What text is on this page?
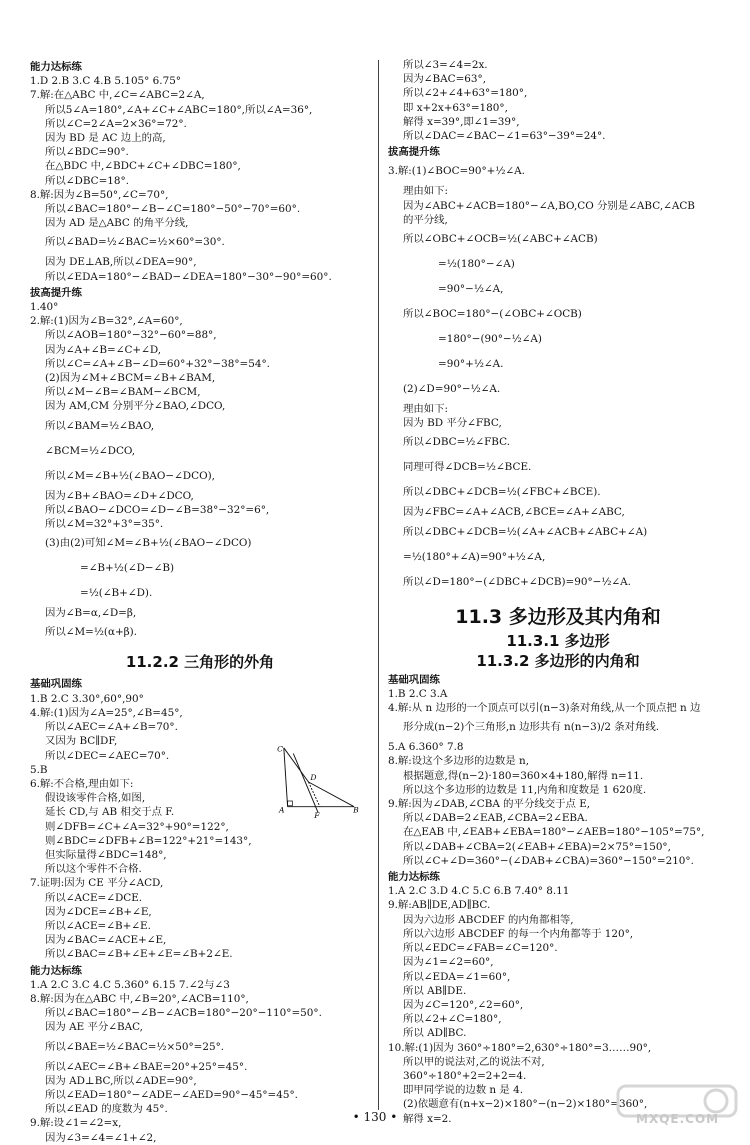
能力达标练
1.D 2.B 3.C 4.B 5.105° 6.75°
7.解:在△ABC 中,∠C=∠ABC=2∠A,
所以5∠A=180°,∠A+∠C+∠ABC=180°,所以∠A=36°,
所以∠C=2∠A=2×36°=72°.
因为 BD 是 AC 边上的高,
所以∠BDC=90°.
在△BDC 中,∠BDC+∠C+∠DBC=180°,
所以∠DBC=18°.
8.解:因为∠B=50°,∠C=70°,
所以∠BAC=180°−∠B−∠C=180°−50°−70°=60°.
因为 AD 是△ABC 的角平分线,
所以∠BAD=½∠BAC=½×60°=30°.
因为 DE⊥AB,所以∠DEA=90°,
所以∠EDA=180°−∠BAD−∠DEA=180°−30°−90°=60°.
拔高提升练
1.40°
2.解:(1)因为∠B=32°,∠A=60°,
所以∠AOB=180°−32°−60°=88°,
因为∠A+∠B=∠C+∠D,
所以∠C=∠A+∠B−∠D=60°+32°−38°=54°.
(2)因为∠M+∠BCM=∠B+∠BAM,
所以∠M−∠B=∠BAM−∠BCM,
因为 AM,CM 分别平分∠BAO,∠DCO,
所以∠BAM=½∠BAO,
∠BCM=½∠DCO,
所以∠M=∠B+½(∠BAO−∠DCO),
因为∠B+∠BAO=∠D+∠DCO,
所以∠BAO−∠DCO=∠D−∠B=38°−32°=6°,
所以∠M=32°+3°=35°.
(3)由(2)可知∠M=∠B+½(∠BAO−∠DCO)
=∠B+½(∠D−∠B)
=½(∠B+∠D).
因为∠B=α,∠D=β,
所以∠M=½(α+β).
11.2.2 三角形的外角
基础巩固练
1.B 2.C 3.30°,60°,90°
4.解:(1)因为∠A=25°,∠B=45°,
所以∠AEC=∠A+∠B=70°.
又因为 BC∥DF,
所以∠DEC=∠AEC=70°.
5.B
6.解:不合格,理由如下:
假设该零件合格,如图,
延长 CD,与 AB 相交于点 F.
则∠DFB=∠C+∠A=32°+90°=122°,
则∠BDC=∠DFB+∠B=122°+21°=143°,
但实际量得∠BDC=148°,
所以这个零件不合格.
7.证明:因为 CE 平分∠ACD,
所以∠ACE=∠DCE.
因为∠DCE=∠B+∠E,
所以∠ACE=∠B+∠E.
因为∠BAC=∠ACE+∠E,
所以∠BAC=∠B+∠E+∠E=∠B+2∠E.
能力达标练
1.A 2.C 3.C 4.C 5.360° 6.15 7.∠2与∠3
8.解:因为在△ABC 中,∠B=20°,∠ACB=110°,
所以∠BAC=180°−∠B−∠ACB=180°−20°−110°=50°.
因为 AE 平分∠BAC,
所以∠BAE=½∠BAC=½×50°=25°.
所以∠AEC=∠B+∠BAE=20°+25°=45°.
因为 AD⊥BC,所以∠ADE=90°,
所以∠EAD=180°−∠ADE−∠AED=90°−45°=45°.
所以∠EAD 的度数为 45°.
9.解:设∠1=∠2=x,
因为∠3=∠4=∠1+∠2,
所以∠3=∠4=2x.
因为∠BAC=63°,
所以∠2+∠4+63°=180°,
即 x+2x+63°=180°,
解得 x=39°,即∠1=39°,
所以∠DAC=∠BAC−∠1=63°−39°=24°.
拔高提升练
3.解:(1)∠BOC=90°+½∠A.
理由如下:
因为∠ABC+∠ACB=180°−∠A,BO,CO 分别是∠ABC,∠ACB
的平分线,
所以∠OBC+∠OCB=½(∠ABC+∠ACB)
=½(180°−∠A)
=90°−½∠A,
所以∠BOC=180°−(∠OBC+∠OCB)
=180°−(90°−½∠A)
=90°+½∠A.
(2)∠D=90°−½∠A.
理由如下:
因为 BD 平分∠FBC,
所以∠DBC=½∠FBC.
同理可得∠DCB=½∠BCE.
所以∠DBC+∠DCB=½(∠FBC+∠BCE).
因为∠FBC=∠A+∠ACB,∠BCE=∠A+∠ABC,
所以∠DBC+∠DCB=½(∠A+∠ACB+∠ABC+∠A)
=½(180°+∠A)=90°+½∠A,
所以∠D=180°−(∠DBC+∠DCB)=90°−½∠A.
11.3 多边形及其内角和
11.3.1 多边形
11.3.2 多边形的内角和
基础巩固练
1.B 2.C 3.A
4.解:从 n 边形的一个顶点可以引(n−3)条对角线,从一个顶点把 n 边
形分成(n−2)个三角形,n 边形共有 n(n−3)/2 条对角线.
5.A 6.360° 7.8
8.解:设这个多边形的边数是 n,
根据题意,得(n−2)·180=360×4+180,解得 n=11.
所以这个多边形的边数是 11,内角和度数是 1 620度.
9.解:因为∠DAB,∠CBA 的平分线交于点 E,
所以∠DAB=2∠EAB,∠CBA=2∠EBA.
在△EAB 中,∠EAB+∠EBA=180°−∠AEB=180°−105°=75°,
所以∠DAB+∠CBA=2(∠EAB+∠EBA)=2×75°=150°,
所以∠C+∠D=360°−(∠DAB+∠CBA)=360°−150°=210°.
能力达标练
1.A 2.C 3.D 4.C 5.C 6.B 7.40° 8.11
9.解:AB∥DE,AD∥BC.
因为六边形 ABCDEF 的内角都相等,
所以六边形 ABCDEF 的每一个内角都等于 120°,
所以∠EDC=∠FAB=∠C=120°.
因为∠1=∠2=60°,
所以∠EDA=∠1=60°,
所以 AB∥DE.
因为∠C=120°,∠2=60°,
所以∠2+∠C=180°,
所以 AD∥BC.
10.解:(1)因为 360°÷180°=2,630°÷180°=3……90°,
所以甲的说法对,乙的说法不对,
360°÷180°+2=2+2=4.
即甲同学说的边数 n 是 4.
(2)依题意有(n+x−2)×180°−(n−2)×180°=360°,
解得 x=2.
C
D
A
F
B
• 130 •	MXQE.COM
